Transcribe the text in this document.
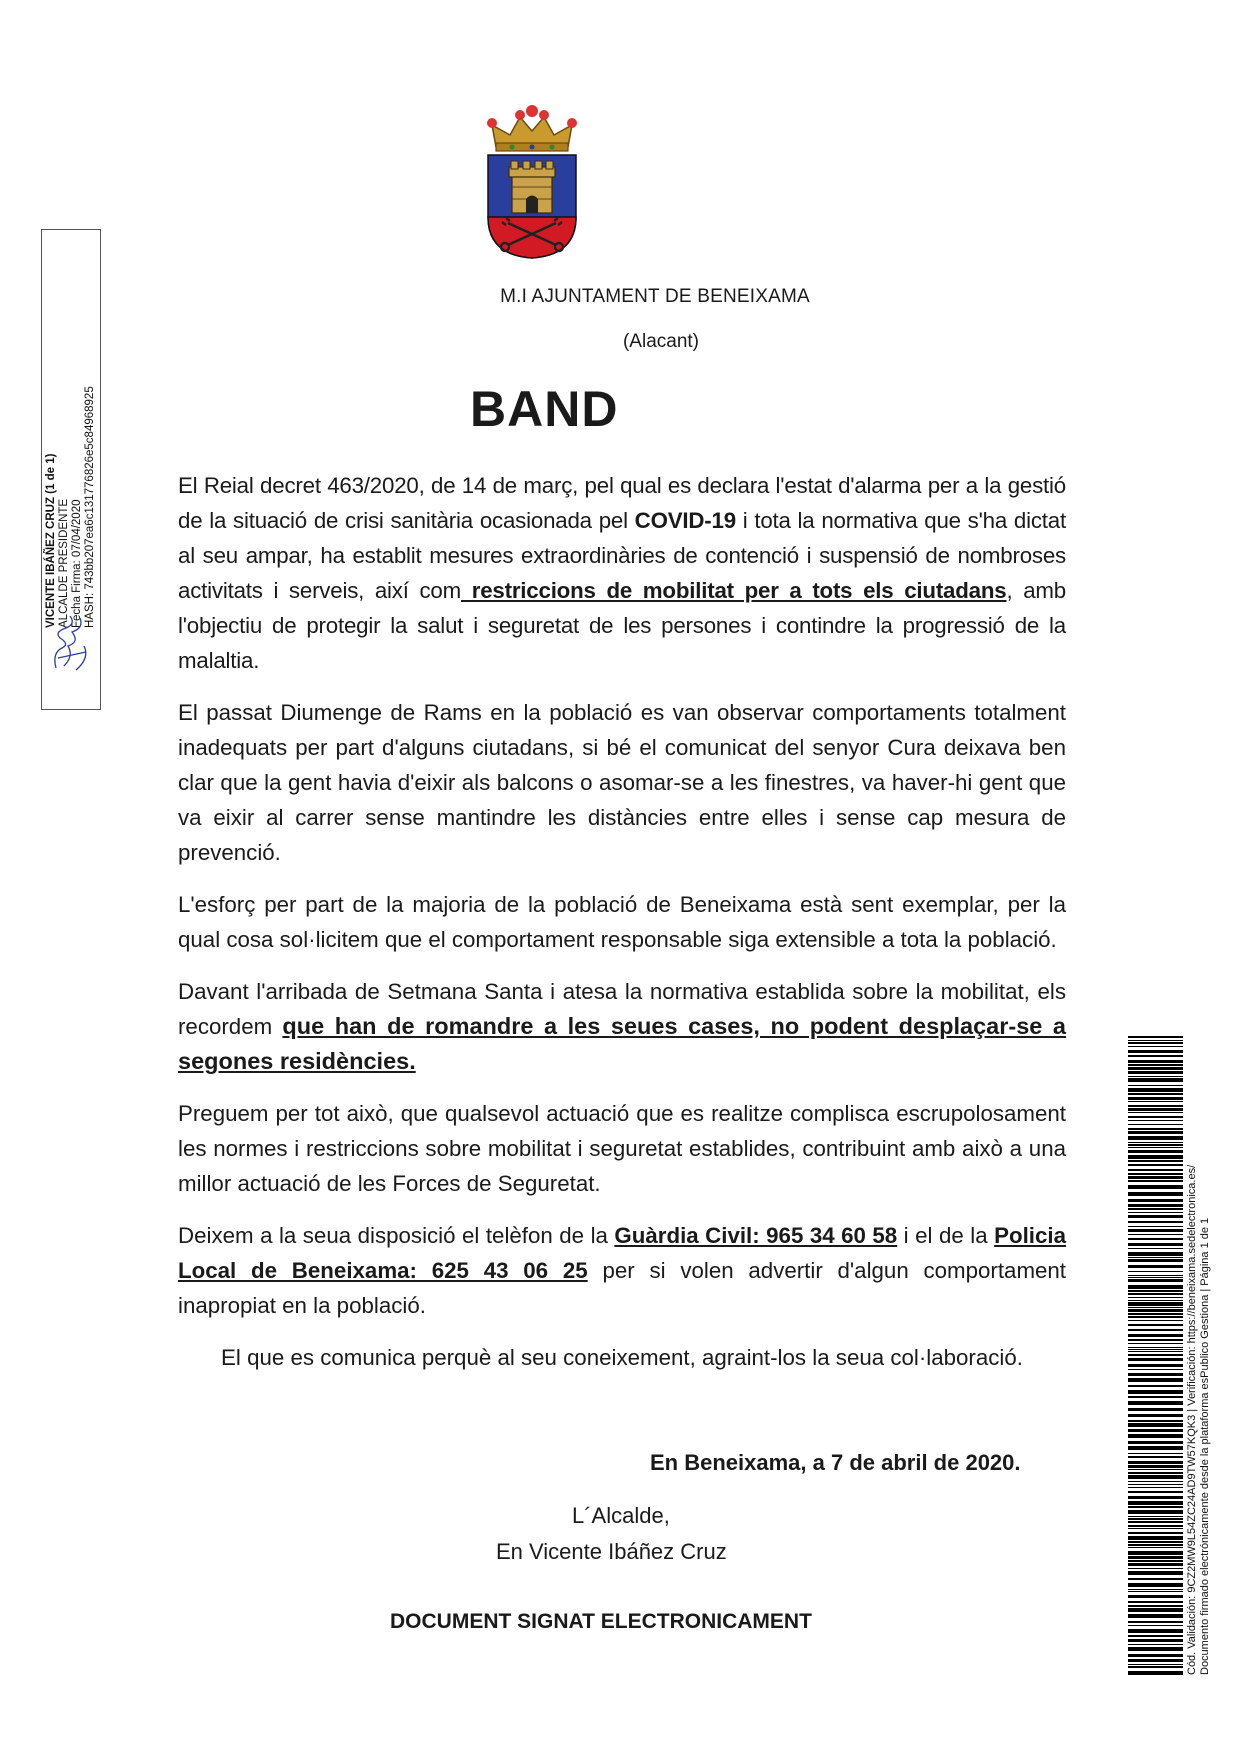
M.I AJUNTAMENT DE BENEIXAMA
(Alacant)
BAND

El Reial decret 463/2020, de 14 de març, pel qual es declara l'estat d'alarma per a la gestió de la situació de crisi sanitària ocasionada pel COVID-19 i tota la normativa que s'ha dictat al seu ampar, ha establit mesures extraordinàries de contenció i suspensió de nombroses activitats i serveis, així com restriccions de mobilitat per a tots els ciutadans, amb l'objectiu de protegir la salut i seguretat de les persones i contindre la progressió de la malaltia.

El passat Diumenge de Rams en la població es van observar comportaments totalment inadequats per part d'alguns ciutadans, si bé el comunicat del senyor Cura deixava ben clar que la gent havia d'eixir als balcons o asomar-se a les finestres, va haver-hi gent que va eixir al carrer sense mantindre les distàncies entre elles i sense cap mesura de prevenció.

L'esforç per part de la majoria de la població de Beneixama està sent exemplar, per la qual cosa sol·licitem que el comportament responsable siga extensible a tota la població.

Davant l'arribada de Setmana Santa i atesa la normativa establida sobre la mobilitat, els recordem que han de romandre a les seues cases, no podent desplaçar-se a segones residències.

Preguem per tot això, que qualsevol actuació que es realitze complisca escrupolosament les normes i restriccions sobre mobilitat i seguretat establides, contribuint amb això a una millor actuació de les Forces de Seguretat.

Deixem a la seua disposició el telèfon de la Guàrdia Civil: 965 34 60 58 i el de la Policia Local de Beneixama: 625 43 06 25 per si volen advertir d'algun comportament inapropiat en la població.

El que es comunica perquè al seu coneixement, agraint-los la seua col·laboració.

En Beneixama, a 7 de abril de 2020.
L´Alcalde,
En Vicente Ibáñez Cruz
DOCUMENT SIGNAT ELECTRONICAMENT
VICENTE IBÁÑEZ CRUZ (1 de 1) ALCALDE PRESIDENTE Fecha Firma: 07/04/2020 HASH: 743bb207ea6c131776826e5c84968925
Cód. Validación: 9CZ2MW9L54ZC24AD9TW57KQK3 | Verificación: https://beneixama.sedelectronica.es/ Documento firmado electrónicamente desde la plataforma esPublico Gestiona | Página 1 de 1
